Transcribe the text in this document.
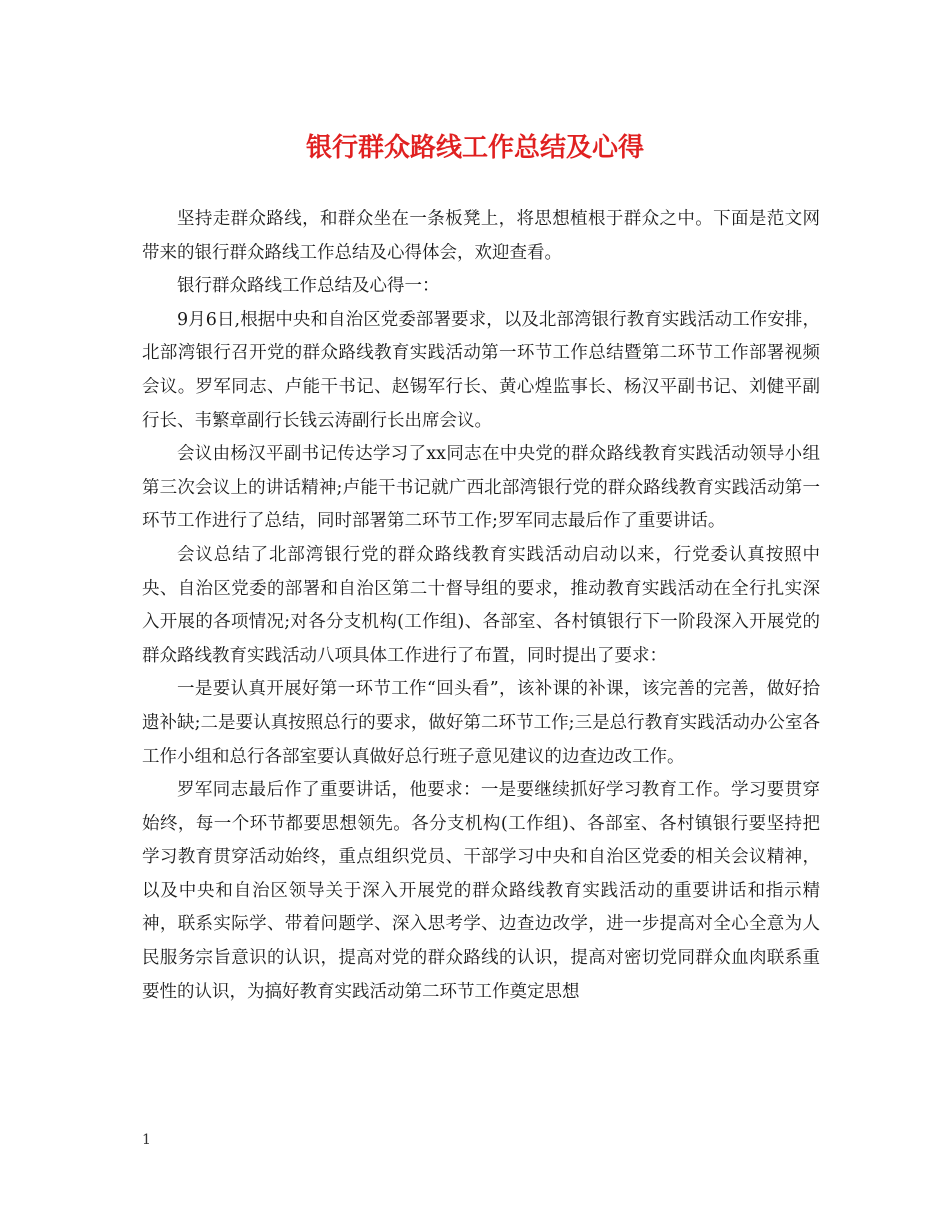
银行群众路线工作总结及心得

坚持走群众路线，和群众坐在一条板凳上，将思想植根于群众之中。下面是范文网带来的银行群众路线工作总结及心得体会，欢迎查看。

银行群众路线工作总结及心得一：

9月6日,根据中央和自治区党委部署要求，以及北部湾银行教育实践活动工作安排，北部湾银行召开党的群众路线教育实践活动第一环节工作总结暨第二环节工作部署视频会议。罗军同志、卢能干书记、赵锡军行长、黄心煌监事长、杨汉平副书记、刘健平副行长、韦繁章副行长钱云涛副行长出席会议。

会议由杨汉平副书记传达学习了xx同志在中央党的群众路线教育实践活动领导小组第三次会议上的讲话精神;卢能干书记就广西北部湾银行党的群众路线教育实践活动第一环节工作进行了总结，同时部署第二环节工作;罗军同志最后作了重要讲话。

会议总结了北部湾银行党的群众路线教育实践活动启动以来，行党委认真按照中央、自治区党委的部署和自治区第二十督导组的要求，推动教育实践活动在全行扎实深入开展的各项情况;对各分支机构(工作组)、各部室、各村镇银行下一阶段深入开展党的群众路线教育实践活动八项具体工作进行了布置，同时提出了要求：

一是要认真开展好第一环节工作“回头看”，该补课的补课，该完善的完善，做好拾遗补缺;二是要认真按照总行的要求，做好第二环节工作;三是总行教育实践活动办公室各工作小组和总行各部室要认真做好总行班子意见建议的边查边改工作。

罗军同志最后作了重要讲话，他要求：一是要继续抓好学习教育工作。学习要贯穿始终，每一个环节都要思想领先。各分支机构(工作组)、各部室、各村镇银行要坚持把学习教育贯穿活动始终，重点组织党员、干部学习中央和自治区党委的相关会议精神，以及中央和自治区领导关于深入开展党的群众路线教育实践活动的重要讲话和指示精神，联系实际学、带着问题学、深入思考学、边查边改学，进一步提高对全心全意为人民服务宗旨意识的认识，提高对党的群众路线的认识，提高对密切党同群众血肉联系重要性的认识，为搞好教育实践活动第二环节工作奠定思想

1
